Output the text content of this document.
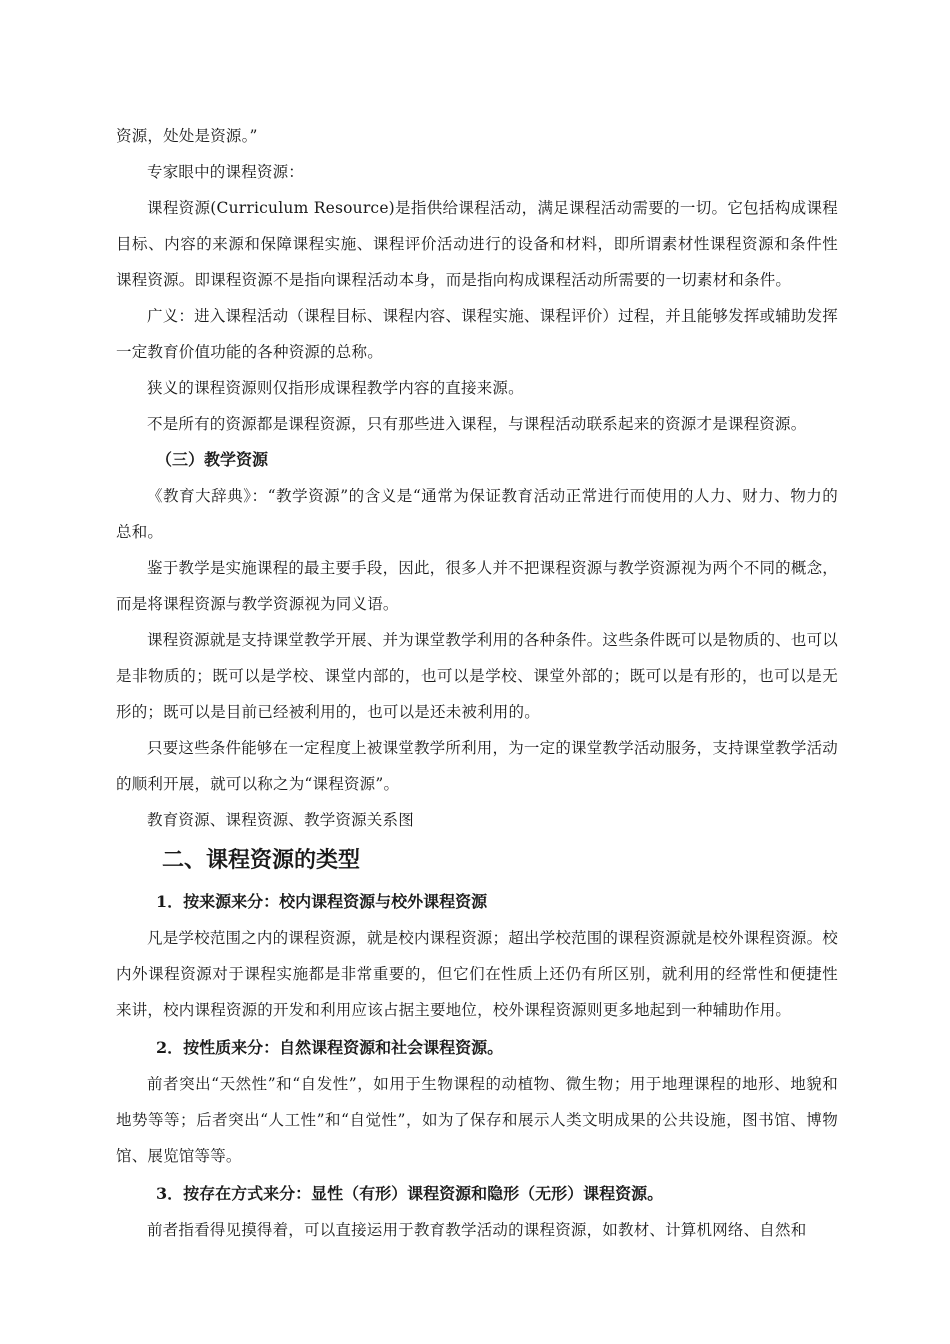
资源，处处是资源。”

专家眼中的课程资源：

课程资源(Curriculum Resource)是指供给课程活动，满足课程活动需要的一切。它包括构成课程目标、内容的来源和保障课程实施、课程评价活动进行的设备和材料，即所谓素材性课程资源和条件性课程资源。即课程资源不是指向课程活动本身，而是指向构成课程活动所需要的一切素材和条件。

广义：进入课程活动（课程目标、课程内容、课程实施、课程评价）过程，并且能够发挥或辅助发挥一定教育价值功能的各种资源的总称。

狭义的课程资源则仅指形成课程教学内容的直接来源。

不是所有的资源都是课程资源，只有那些进入课程，与课程活动联系起来的资源才是课程资源。

（三）教学资源

《教育大辞典》：“教学资源”的含义是“通常为保证教育活动正常进行而使用的人力、财力、物力的总和。

鉴于教学是实施课程的最主要手段，因此，很多人并不把课程资源与教学资源视为两个不同的概念，而是将课程资源与教学资源视为同义语。

课程资源就是支持课堂教学开展、并为课堂教学利用的各种条件。这些条件既可以是物质的、也可以是非物质的；既可以是学校、课堂内部的，也可以是学校、课堂外部的；既可以是有形的，也可以是无形的；既可以是目前已经被利用的，也可以是还未被利用的。

只要这些条件能够在一定程度上被课堂教学所利用，为一定的课堂教学活动服务，支持课堂教学活动的顺利开展，就可以称之为“课程资源”。

教育资源、课程资源、教学资源关系图

二、课程资源的类型

1．按来源来分：校内课程资源与校外课程资源

凡是学校范围之内的课程资源，就是校内课程资源；超出学校范围的课程资源就是校外课程资源。校内外课程资源对于课程实施都是非常重要的，但它们在性质上还仍有所区别，就利用的经常性和便捷性来讲，校内课程资源的开发和利用应该占据主要地位，校外课程资源则更多地起到一种辅助作用。

2．按性质来分：自然课程资源和社会课程资源。

前者突出“天然性”和“自发性”，如用于生物课程的动植物、微生物；用于地理课程的地形、地貌和地势等等；后者突出“人工性”和“自觉性”，如为了保存和展示人类文明成果的公共设施，图书馆、博物馆、展览馆等等。

3．按存在方式来分：显性（有形）课程资源和隐形（无形）课程资源。

前者指看得见摸得着，可以直接运用于教育教学活动的课程资源，如教材、计算机网络、自然和
